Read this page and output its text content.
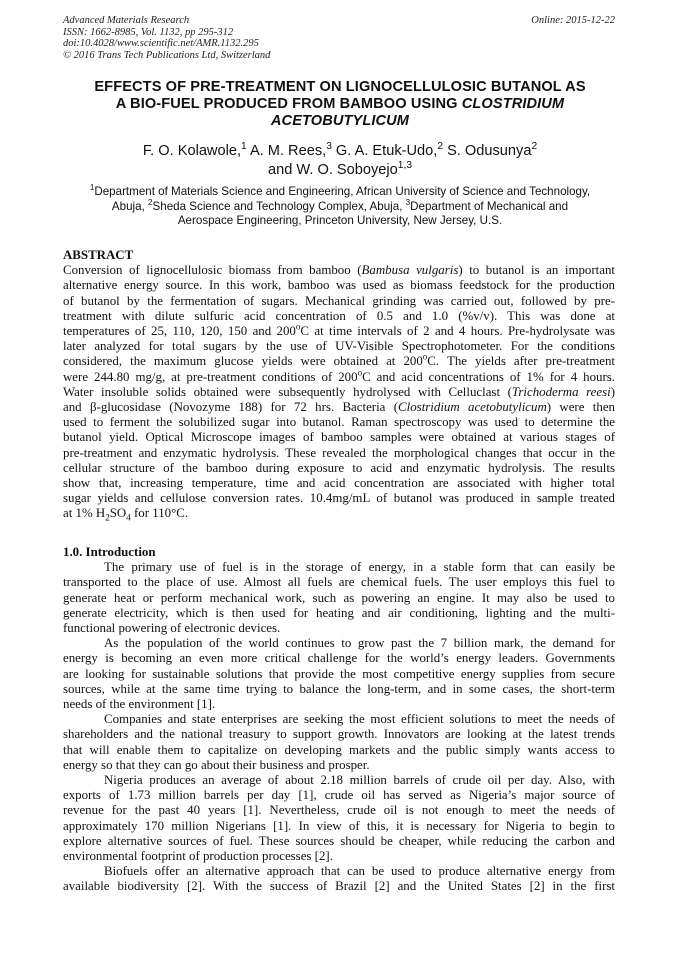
Advanced Materials Research
ISSN: 1662-8985, Vol. 1132, pp 295-312
doi:10.4028/www.scientific.net/AMR.1132.295
© 2016 Trans Tech Publications Ltd, Switzerland
Online: 2015-12-22
EFFECTS OF PRE-TREATMENT ON LIGNOCELLULOSIC BUTANOL AS
A BIO-FUEL PRODUCED FROM BAMBOO USING CLOSTRIDIUM
ACETOBUTYLICUM
F. O. Kolawole,$^1$ A. M. Rees,$^3$ G. A. Etuk-Udo,$^2$ S. Odusunya$^2$
and W. O. Soboyejo$^{1,3}$
$^1$Department of Materials Science and Engineering, African University of Science and Technology,
Abuja, $^2$Sheda Science and Technology Complex, Abuja, $^3$Department of Mechanical and
Aerospace Engineering, Princeton University, New Jersey, U.S.
ABSTRACT
Conversion of lignocellulosic biomass from bamboo (Bambusa vulgaris) to butanol is an important
alternative energy source. In this work, bamboo was used as biomass feedstock for the production
of butanol by the fermentation of sugars. Mechanical grinding was carried out, followed by pre-
treatment with dilute sulfuric acid concentration of 0.5 and 1.0 (%v/v). This was done at
temperatures of 25, 110, 120, 150 and 200$^o$C at time intervals of 2 and 4 hours. Pre-hydrolysate was
later analyzed for total sugars by the use of UV-Visible Spectrophotometer. For the conditions
considered, the maximum glucose yields were obtained at 200$^o$C. The yields after pre-treatment
were 244.80 mg/g, at pre-treatment conditions of 200$^o$C and acid concentrations of 1% for 4 hours.
Water insoluble solids obtained were subsequently hydrolysed with Celluclast (Trichoderma reesi)
and β-glucosidase (Novozyme 188) for 72 hrs. Bacteria (Clostridium acetobutylicum) were then
used to ferment the solubilized sugar into butanol. Raman spectroscopy was used to determine the
butanol yield. Optical Microscope images of bamboo samples were obtained at various stages of
pre-treatment and enzymatic hydrolysis. These revealed the morphological changes that occur in the
cellular structure of the bamboo during exposure to acid and enzymatic hydrolysis. The results
show that, increasing temperature, time and acid concentration are associated with higher total
sugar yields and cellulose conversion rates. 10.4mg/mL of butanol was produced in sample treated
at 1% $H_2SO_4$ for 110°C.
1.0. Introduction
The primary use of fuel is in the storage of energy, in a stable form that can easily be
transported to the place of use. Almost all fuels are chemical fuels. The user employs this fuel to
generate heat or perform mechanical work, such as powering an engine. It may also be used to
generate electricity, which is then used for heating and air conditioning, lighting and the multi-
functional powering of electronic devices.
As the population of the world continues to grow past the 7 billion mark, the demand for
energy is becoming an even more critical challenge for the world’s energy leaders. Governments
are looking for sustainable solutions that provide the most competitive energy supplies from secure
sources, while at the same time trying to balance the long-term, and in some cases, the short-term
needs of the environment [1].
Companies and state enterprises are seeking the most efficient solutions to meet the needs of
shareholders and the national treasury to support growth. Innovators are looking at the latest trends
that will enable them to capitalize on developing markets and the public simply wants access to
energy so that they can go about their business and prosper.
Nigeria produces an average of about 2.18 million barrels of crude oil per day. Also, with
exports of 1.73 million barrels per day [1], crude oil has served as Nigeria’s major source of
revenue for the past 40 years [1]. Nevertheless, crude oil is not enough to meet the needs of
approximately 170 million Nigerians [1]. In view of this, it is necessary for Nigeria to begin to
explore alternative sources of fuel. These sources should be cheaper, while reducing the carbon and
environmental footprint of production processes [2].
Biofuels offer an alternative approach that can be used to produce alternative energy from
available biodiversity [2]. With the success of Brazil [2] and the United States [2] in the first
